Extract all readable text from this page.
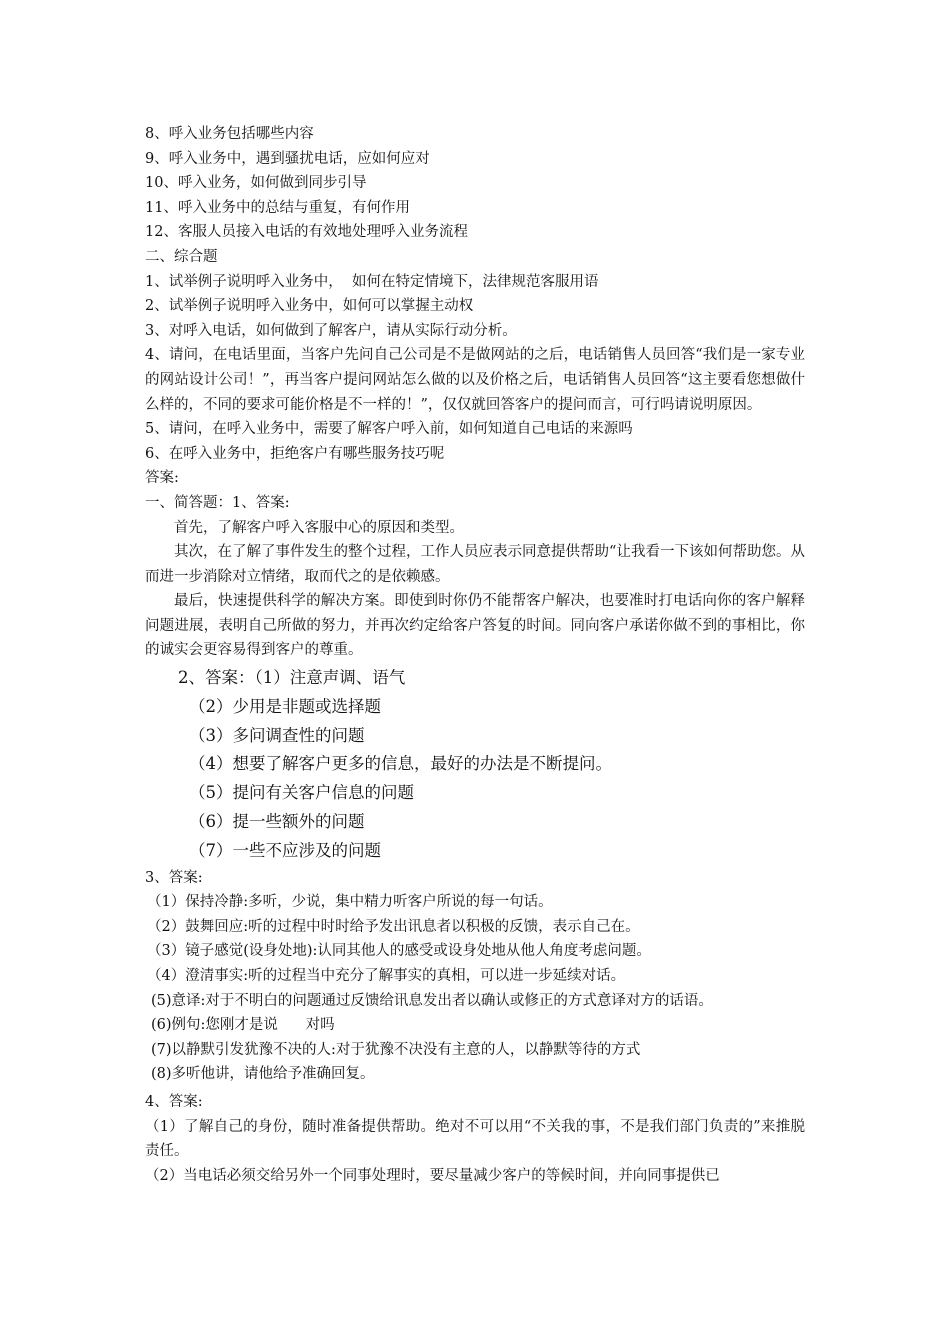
8、呼入业务包括哪些内容
9、呼入业务中，遇到骚扰电话，应如何应对
10、呼入业务，如何做到同步引导
11、呼入业务中的总结与重复，有何作用
12、客服人员接入电话的有效地处理呼入业务流程
二、综合题
1、试举例子说明呼入业务中，  如何在特定情境下，法律规范客服用语
2、试举例子说明呼入业务中，如何可以掌握主动权
3、对呼入电话，如何做到了解客户，请从实际行动分析。
4、请问，在电话里面，当客户先问自己公司是不是做网站的之后，电话销售人员回答“我们是一家专业的网站设计公司！”，再当客户提问网站怎么做的以及价格之后，电话销售人员回答“这主要看您想做什么样的，不同的要求可能价格是不一样的！”，仅仅就回答客户的提问而言，可行吗请说明原因。
5、请问，在呼入业务中，需要了解客户呼入前，如何知道自己电话的来源吗
6、在呼入业务中，拒绝客户有哪些服务技巧呢
答案:
一、简答题：1、答案:
首先，了解客户呼入客服中心的原因和类型。
其次，在了解了事件发生的整个过程，工作人员应表示同意提供帮助“让我看一下该如何帮助您。从而进一步消除对立情绪，取而代之的是依赖感。
最后，快速提供科学的解决方案。即使到时你仍不能帮客户解决，也要准时打电话向你的客户解释问题进展，表明自己所做的努力，并再次约定给客户答复的时间。同向客户承诺你做不到的事相比，你的诚实会更容易得到客户的尊重。
2、答案：（1）注意声调、语气
（2）少用是非题或选择题
（3）多问调查性的问题
（4）想要了解客户更多的信息，最好的办法是不断提问。
（5）提问有关客户信息的问题
（6）提一些额外的问题
（7）一些不应涉及的问题
3、答案:
（1）保持冷静:多听，少说，集中精力听客户所说的每一句话。
（2）鼓舞回应:听的过程中时时给予发出讯息者以积极的反馈，表示自己在。
（3）镜子感觉(设身处地):认同其他人的感受或设身处地从他人角度考虑问题。
（4）澄清事实:听的过程当中充分了解事实的真相，可以进一步延续对话。
(5)意译:对于不明白的问题通过反馈给讯息发出者以确认或修正的方式意译对方的话语。
(6)例句:您刚才是说      对吗
(7)以静默引发犹豫不决的人:对于犹豫不决没有主意的人，以静默等待的方式
(8)多听他讲，请他给予准确回复。
4、答案:
（1）了解自己的身份，随时准备提供帮助。绝对不可以用“不关我的事，不是我们部门负责的”来推脱责任。
（2）当电话必须交给另外一个同事处理时，要尽量减少客户的等候时间，并向同事提供已
